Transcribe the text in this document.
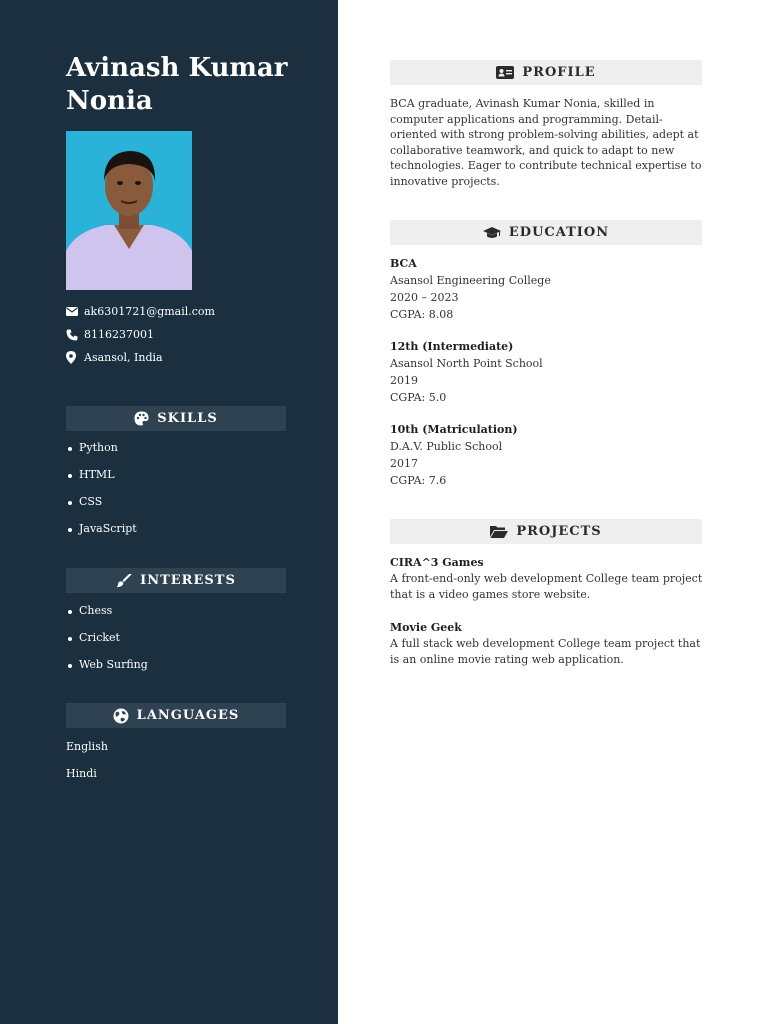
Avinash Kumar Nonia
ak6301721@gmail.com
8116237001
Asansol, India
SKILLS
Python
HTML
CSS
JavaScript
INTERESTS
Chess
Cricket
Web Surfing
LANGUAGES
English
Hindi
PROFILE
BCA graduate, Avinash Kumar Nonia, skilled in computer applications and programming. Detail-oriented with strong problem-solving abilities, adept at collaborative teamwork, and quick to adapt to new technologies. Eager to contribute technical expertise to innovative projects.
EDUCATION
BCA
Asansol Engineering College
2020 – 2023
CGPA: 8.08
12th (Intermediate)
Asansol North Point School
2019
CGPA: 5.0
10th (Matriculation)
D.A.V. Public School
2017
CGPA: 7.6
PROJECTS
CIRA^3 Games
A front-end-only web development College team project that is a video games store website.
Movie Geek
A full stack web development College team project that is an online movie rating web application.
